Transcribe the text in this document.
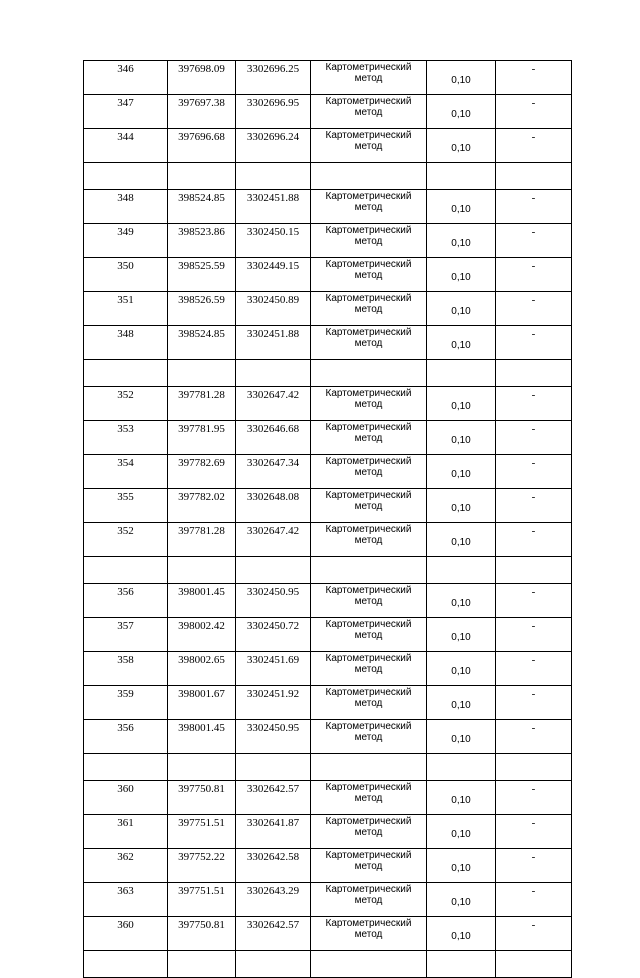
346	397698.09	3302696.25	Картометрический
метод	0,10	-
347	397697.38	3302696.95	Картометрический
метод	0,10	-
344	397696.68	3302696.24	Картометрический
метод	0,10	-

348	398524.85	3302451.88	Картометрический
метод	0,10	-
349	398523.86	3302450.15	Картометрический
метод	0,10	-
350	398525.59	3302449.15	Картометрический
метод	0,10	-
351	398526.59	3302450.89	Картометрический
метод	0,10	-
348	398524.85	3302451.88	Картометрический
метод	0,10	-

352	397781.28	3302647.42	Картометрический
метод	0,10	-
353	397781.95	3302646.68	Картометрический
метод	0,10	-
354	397782.69	3302647.34	Картометрический
метод	0,10	-
355	397782.02	3302648.08	Картометрический
метод	0,10	-
352	397781.28	3302647.42	Картометрический
метод	0,10	-

356	398001.45	3302450.95	Картометрический
метод	0,10	-
357	398002.42	3302450.72	Картометрический
метод	0,10	-
358	398002.65	3302451.69	Картометрический
метод	0,10	-
359	398001.67	3302451.92	Картометрический
метод	0,10	-
356	398001.45	3302450.95	Картометрический
метод	0,10	-

360	397750.81	3302642.57	Картометрический
метод	0,10	-
361	397751.51	3302641.87	Картометрический
метод	0,10	-
362	397752.22	3302642.58	Картометрический
метод	0,10	-
363	397751.51	3302643.29	Картометрический
метод	0,10	-
360	397750.81	3302642.57	Картометрический
метод	0,10	-
